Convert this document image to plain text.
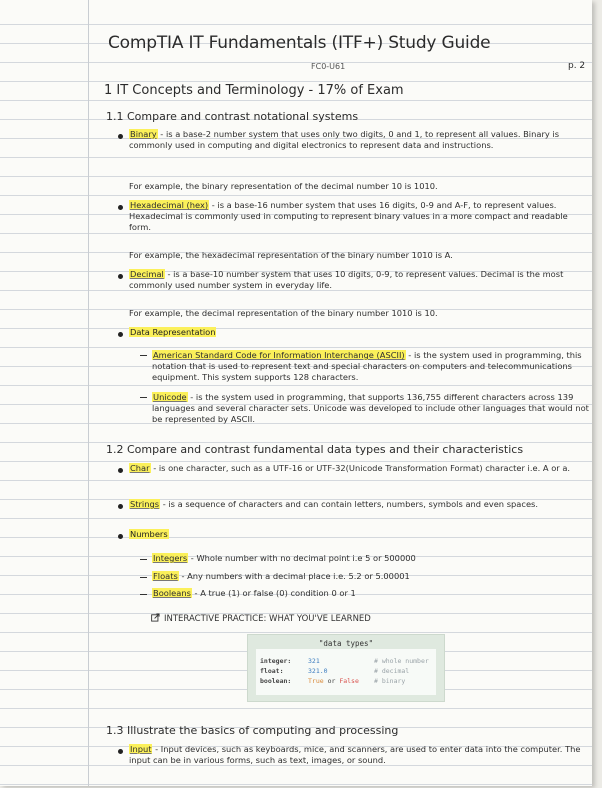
CompTIA IT Fundamentals (ITF+) Study Guide
FC0-U61	p. 2
1 IT Concepts and Terminology - 17% of Exam
1.1 Compare and contrast notational systems
Binary - is a base-2 number system that uses only two digits, 0 and 1, to represent all values. Binary is commonly used in computing and digital electronics to represent data and instructions.
For example, the binary representation of the decimal number 10 is 1010.
Hexadecimal (hex) - is a base-16 number system that uses 16 digits, 0-9 and A-F, to represent values. Hexadecimal is commonly used in computing to represent binary values in a more compact and readable form.
For example, the hexadecimal representation of the binary number 1010 is A.
Decimal - is a base-10 number system that uses 10 digits, 0-9, to represent values. Decimal is the most commonly used number system in everyday life.
For example, the decimal representation of the binary number 1010 is 10.
Data Representation
American Standard Code for Information Interchange (ASCII) - is the system used in programming, this notation that is used to represent text and special characters on computers and telecommunications equipment. This system supports 128 characters.
Unicode - is the system used in programming, that supports 136,755 different characters across 139 languages and several character sets. Unicode was developed to include other languages that would not be represented by ASCII.
1.2 Compare and contrast fundamental data types and their characteristics
Char - is one character, such as a UTF-16 or UTF-32(Unicode Transformation Format) character i.e. A or a.
Strings - is a sequence of characters and can contain letters, numbers, symbols and even spaces.
Numbers
Integers - Whole number with no decimal point i.e 5 or 500000
Floats - Any numbers with a decimal place i.e. 5.2 or 5.00001
Booleans - A true (1) or false (0) condition 0 or 1
INTERACTIVE PRACTICE: WHAT YOU'VE LEARNED
"data types"
integer:	321	# whole number
float:	321.0	# decimal
boolean:	True or False # binary
1.3 Illustrate the basics of computing and processing
Input - Input devices, such as keyboards, mice, and scanners, are used to enter data into the computer. The input can be in various forms, such as text, images, or sound.
